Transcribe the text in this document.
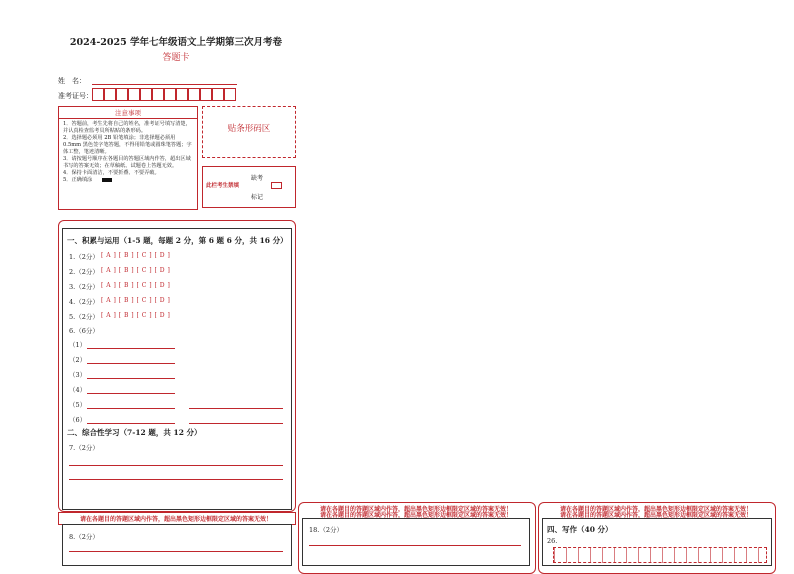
2024-2025 学年七年级语文上学期第三次月考卷
答题卡
姓　名：
准考证号：
注意事项
1．答题前，考生先将自己的姓名，准考证号填写清楚，并认真检查监考员所粘贴的条形码。
2．选择题必须用 2B 铅笔填涂；非选择题必须用 0.5mm 黑色签字笔答题，不得用铅笔或圆珠笔答题；字体工整，笔迹清晰。
3．请按题号顺序在各题目的答题区域内作答，超出区域书写的答案无效；在草稿纸、试题卷上答题无效。
4．保持卡面清洁，不要折叠、不要弄破。
5．正确填涂
贴条形码区
缺考
此栏考生禁填
标记
一、积累与运用（1-5 题，每题 2 分，第 6 题 6 分，共 16 分）
1.（2分） [ A ] [ B ] [ C ] [ D ]
2.（2分） [ A ] [ B ] [ C ] [ D ]
3.（2分） [ A ] [ B ] [ C ] [ D ]
4.（2分） [ A ] [ B ] [ C ] [ D ]
5.（2分） [ A ] [ B ] [ C ] [ D ]
6.（6分）
（1）
（2）
（3）
（4）
（5）
（6）
二、综合性学习（7-12 题，共 12 分）
7.（2分）
请在各题目的答题区域内作答，超出黑色矩形边框限定区域的答案无效！
8.（2分）
请在各题目的答题区域内作答，超出黑色矩形边框限定区域的答案无效！
请在各题目的答题区域内作答，超出黑色矩形边框限定区域的答案无效！
18.（2分）
请在各题目的答题区域内作答，超出黑色矩形边框限定区域的答案无效！
请在各题目的答题区域内作答，超出黑色矩形边框限定区域的答案无效！
四、写作（40 分）
26.
